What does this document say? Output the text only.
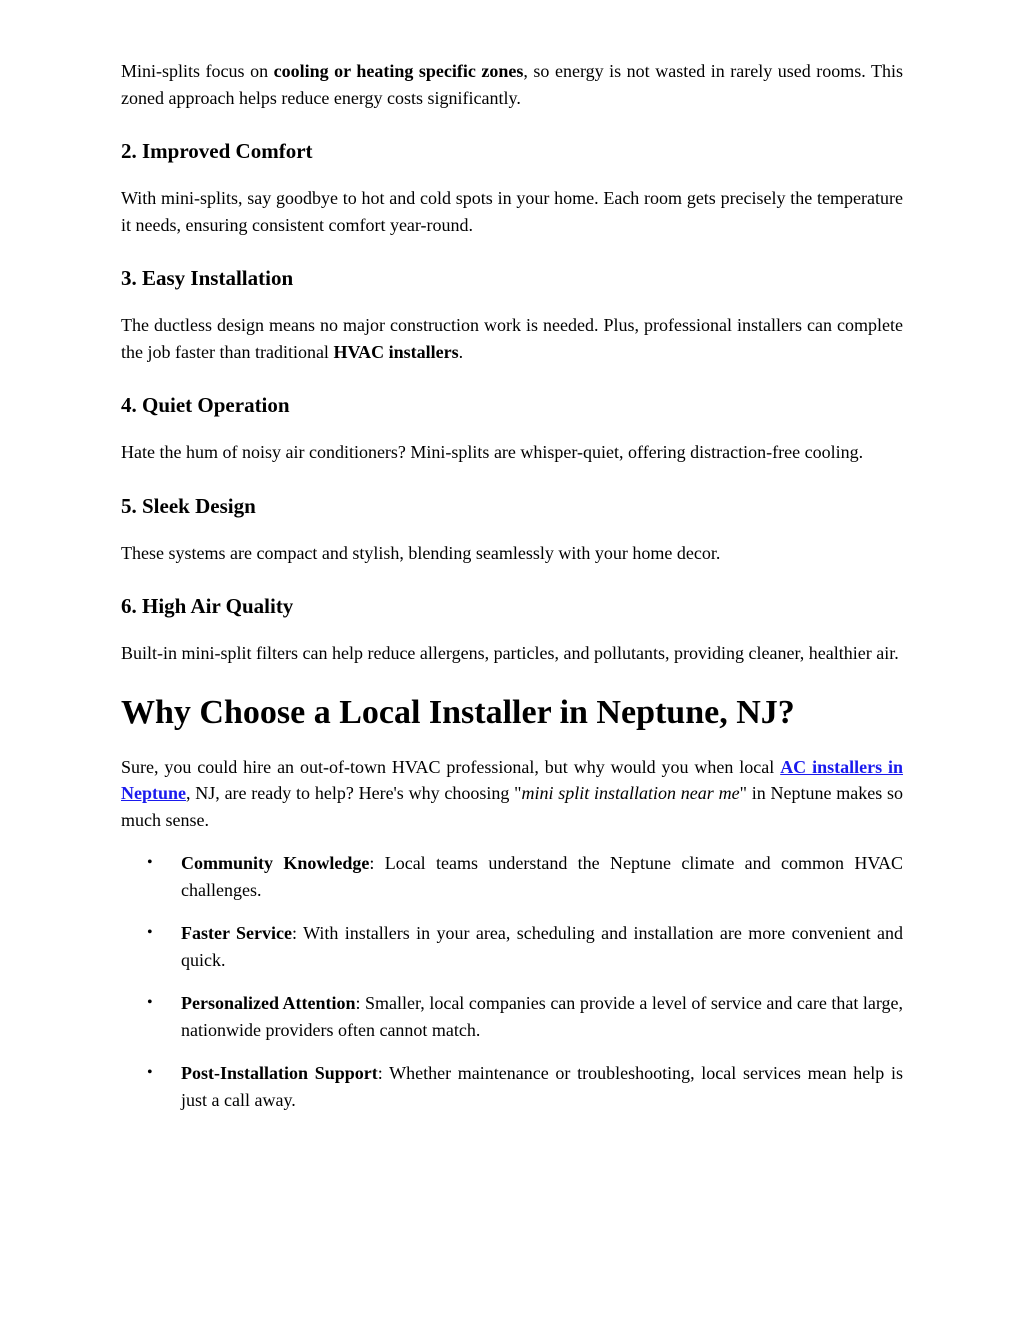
Mini-splits focus on cooling or heating specific zones, so energy is not wasted in rarely used rooms. This zoned approach helps reduce energy costs significantly.

2. Improved Comfort

With mini-splits, say goodbye to hot and cold spots in your home. Each room gets precisely the temperature it needs, ensuring consistent comfort year-round.

3. Easy Installation

The ductless design means no major construction work is needed. Plus, professional installers can complete the job faster than traditional HVAC installers.

4. Quiet Operation

Hate the hum of noisy air conditioners? Mini-splits are whisper-quiet, offering distraction-free cooling.

5. Sleek Design

These systems are compact and stylish, blending seamlessly with your home decor.

6. High Air Quality

Built-in mini-split filters can help reduce allergens, particles, and pollutants, providing cleaner, healthier air.

Why Choose a Local Installer in Neptune, NJ?

Sure, you could hire an out-of-town HVAC professional, but why would you when local AC installers in Neptune, NJ, are ready to help? Here's why choosing "mini split installation near me" in Neptune makes so much sense.

• Community Knowledge: Local teams understand the Neptune climate and common HVAC challenges.
• Faster Service: With installers in your area, scheduling and installation are more convenient and quick.
• Personalized Attention: Smaller, local companies can provide a level of service and care that large, nationwide providers often cannot match.
• Post-Installation Support: Whether maintenance or troubleshooting, local services mean help is just a call away.
